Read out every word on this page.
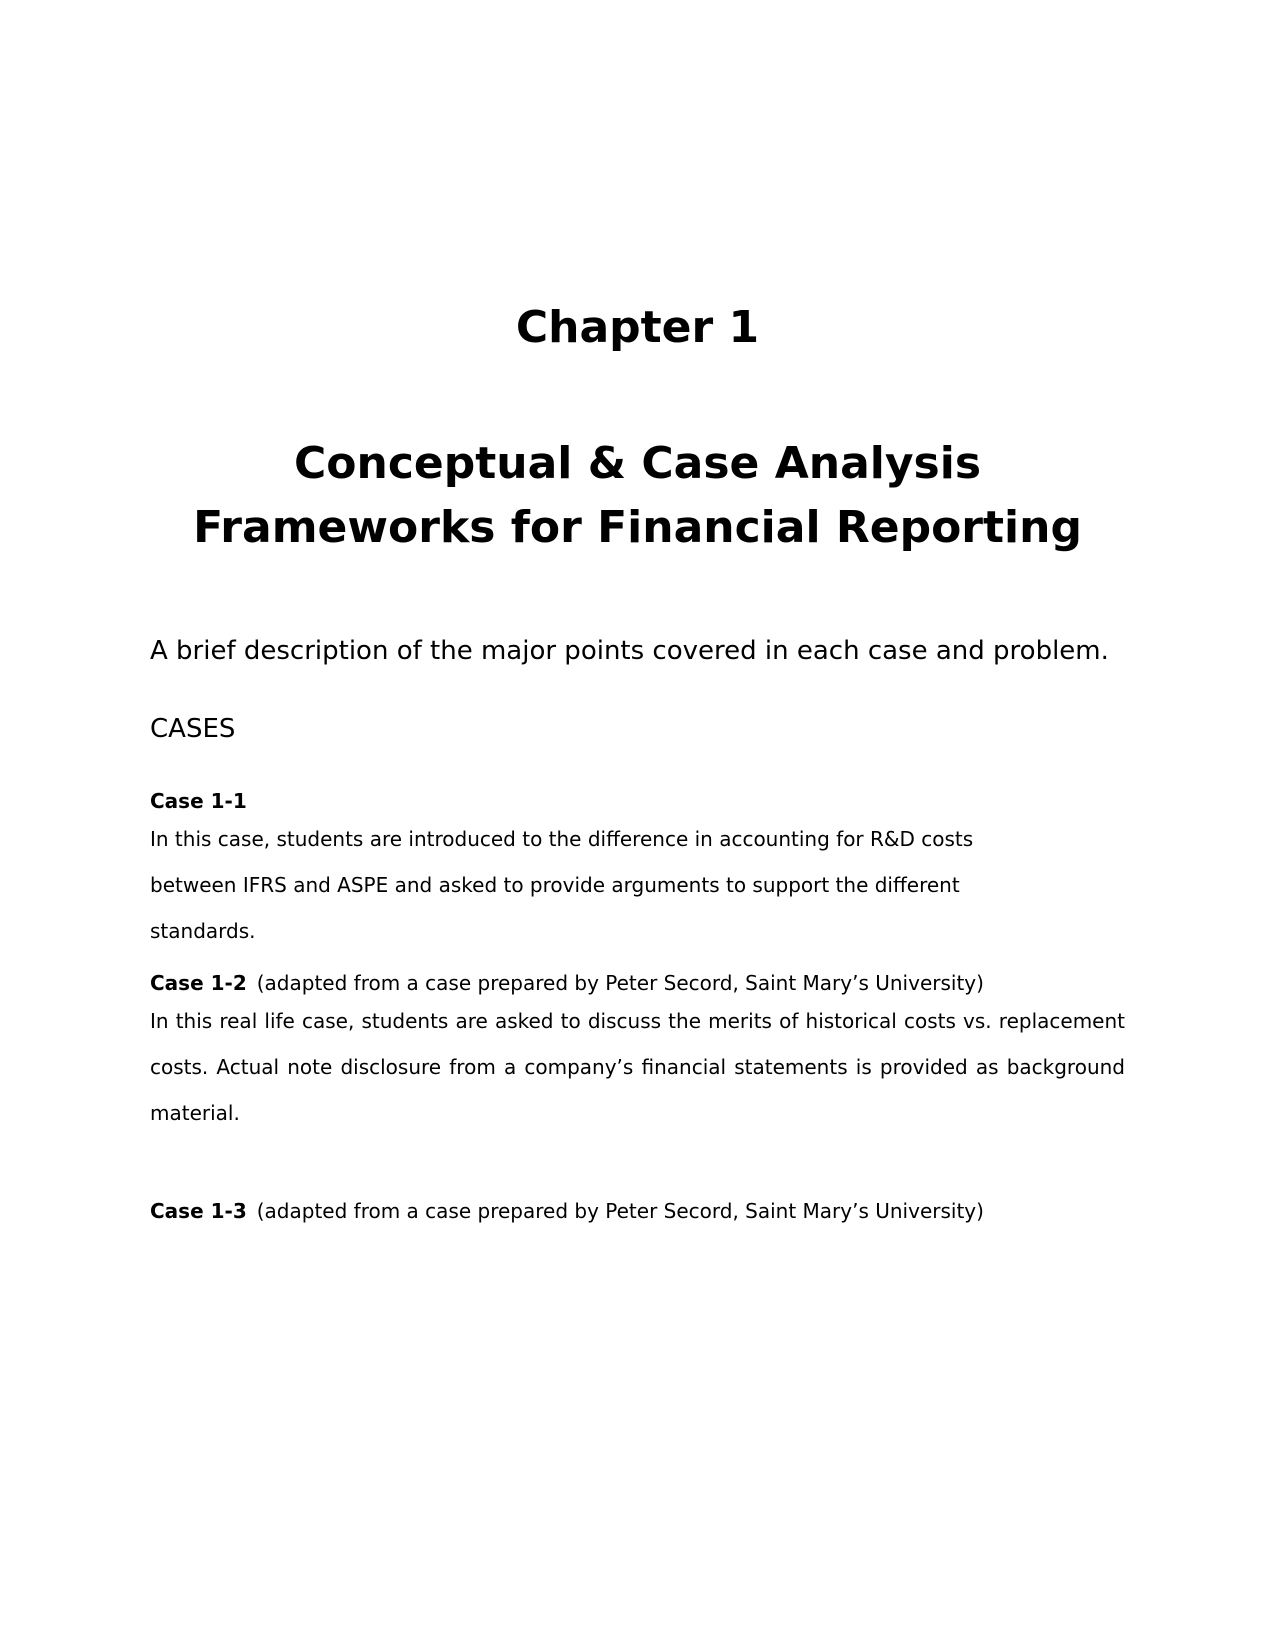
Chapter 1
Conceptual & Case Analysis
Frameworks for Financial Reporting
A brief description of the major points covered in each case and problem.
CASES
Case 1-1
In this case, students are introduced to the difference in accounting for R&D costs between IFRS and ASPE and asked to provide arguments to support the different standards.
Case 1-2 (adapted from a case prepared by Peter Secord, Saint Mary’s University)
In this real life case, students are asked to discuss the merits of historical costs vs. replacement costs. Actual note disclosure from a company’s financial statements is provided as background material.
Case 1-3 (adapted from a case prepared by Peter Secord, Saint Mary’s University)
